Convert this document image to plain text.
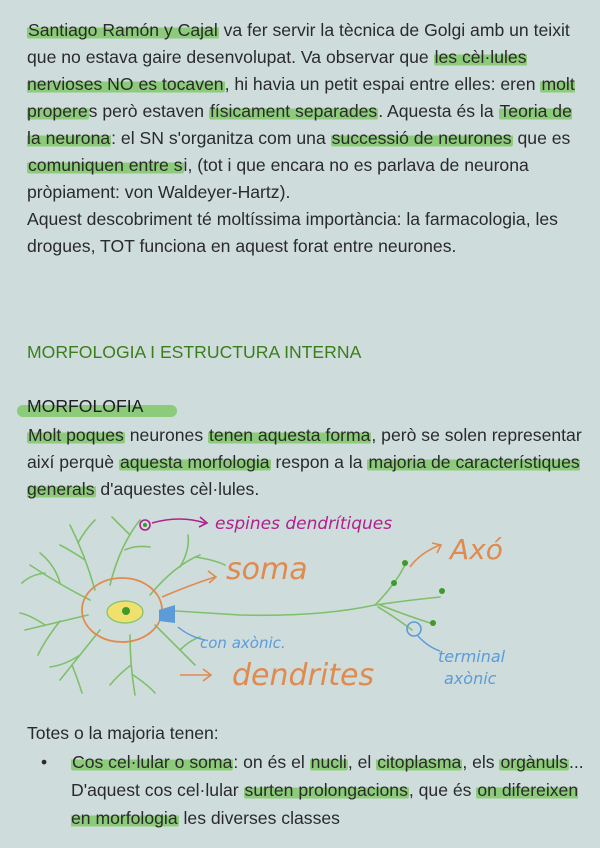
Santiago Ramón y Cajal va fer servir la tècnica de Golgi amb un teixit que no estava gaire desenvolupat. Va observar que les cèl·lules nervioses NO es tocaven, hi havia un petit espai entre elles: eren molt properes però estaven físicament separades. Aquesta és la Teoria de la neurona: el SN s'organitza com una successió de neurones que es comuniquen entre si, (tot i que encara no es parlava de neurona pròpiament: von Waldeyer-Hartz).
Aquest descobriment té moltíssima importància: la farmacologia, les drogues, TOT funciona en aquest forat entre neurones.
MORFOLOGIA I ESTRUCTURA INTERNA
MORFOLOFIA
Molt poques neurones tenen aquesta forma, però se solen representar així perquè aquesta morfologia respon a la majoria de característiques generals d'aquestes cèl·lules.
espines dendrítiques
soma
Axó
con axònic.
dendrites
terminal
axònic
Totes o la majoria tenen:
• Cos cel·lular o soma: on és el nucli, el citoplasma, els orgànuls... D'aquest cos cel·lular surten prolongacions, que és on difereixen en morfologia les diverses classes
